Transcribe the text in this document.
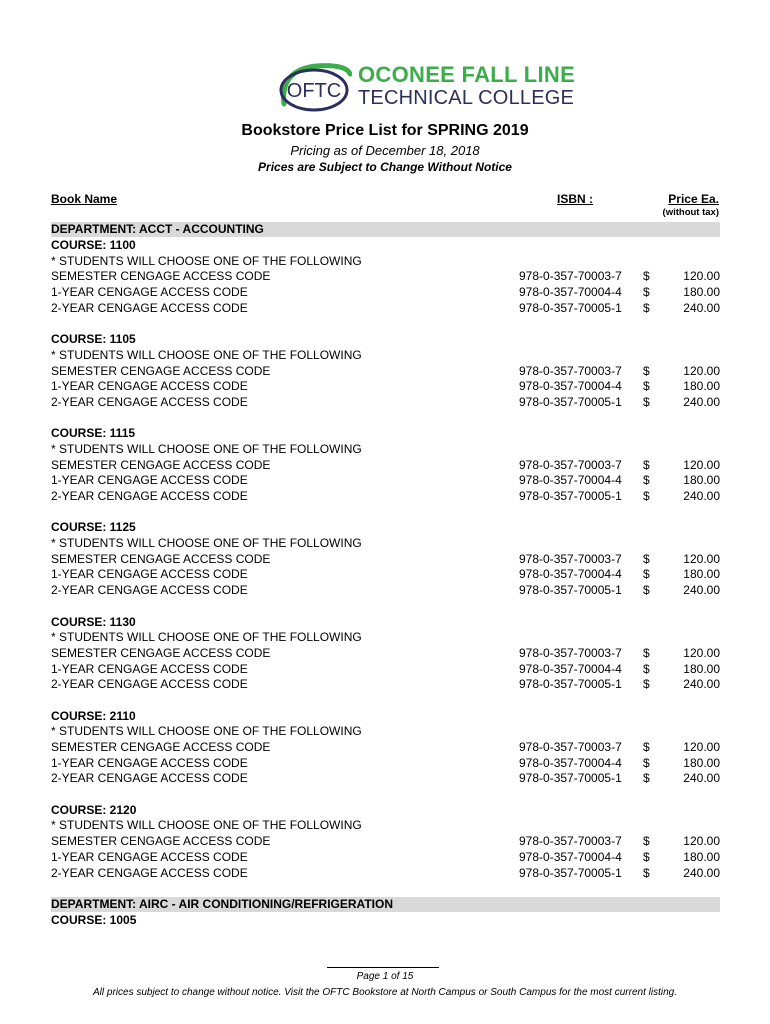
OFTC
OCONEE FALL LINE
TECHNICAL COLLEGE
Bookstore Price List for SPRING 2019
Pricing as of December 18, 2018
Prices are Subject to Change Without Notice
Book Name	ISBN :	Price Ea.
(without tax)
DEPARTMENT: ACCT - ACCOUNTING
COURSE: 1100
* STUDENTS WILL CHOOSE ONE OF THE FOLLOWING
SEMESTER CENGAGE ACCESS CODE	978-0-357-70003-7 $	120.00
1-YEAR CENGAGE ACCESS CODE	978-0-357-70004-4 $	180.00
2-YEAR CENGAGE ACCESS CODE	978-0-357-70005-1 $	240.00
COURSE: 1105
* STUDENTS WILL CHOOSE ONE OF THE FOLLOWING
SEMESTER CENGAGE ACCESS CODE	978-0-357-70003-7 $	120.00
1-YEAR CENGAGE ACCESS CODE	978-0-357-70004-4 $	180.00
2-YEAR CENGAGE ACCESS CODE	978-0-357-70005-1 $	240.00
COURSE: 1115
* STUDENTS WILL CHOOSE ONE OF THE FOLLOWING
SEMESTER CENGAGE ACCESS CODE	978-0-357-70003-7 $	120.00
1-YEAR CENGAGE ACCESS CODE	978-0-357-70004-4 $	180.00
2-YEAR CENGAGE ACCESS CODE	978-0-357-70005-1 $	240.00
COURSE: 1125
* STUDENTS WILL CHOOSE ONE OF THE FOLLOWING
SEMESTER CENGAGE ACCESS CODE	978-0-357-70003-7 $	120.00
1-YEAR CENGAGE ACCESS CODE	978-0-357-70004-4 $	180.00
2-YEAR CENGAGE ACCESS CODE	978-0-357-70005-1 $	240.00
COURSE: 1130
* STUDENTS WILL CHOOSE ONE OF THE FOLLOWING
SEMESTER CENGAGE ACCESS CODE	978-0-357-70003-7 $	120.00
1-YEAR CENGAGE ACCESS CODE	978-0-357-70004-4 $	180.00
2-YEAR CENGAGE ACCESS CODE	978-0-357-70005-1 $	240.00
COURSE: 2110
* STUDENTS WILL CHOOSE ONE OF THE FOLLOWING
SEMESTER CENGAGE ACCESS CODE	978-0-357-70003-7 $	120.00
1-YEAR CENGAGE ACCESS CODE	978-0-357-70004-4 $	180.00
2-YEAR CENGAGE ACCESS CODE	978-0-357-70005-1 $	240.00
COURSE: 2120
* STUDENTS WILL CHOOSE ONE OF THE FOLLOWING
SEMESTER CENGAGE ACCESS CODE	978-0-357-70003-7 $	120.00
1-YEAR CENGAGE ACCESS CODE	978-0-357-70004-4 $	180.00
2-YEAR CENGAGE ACCESS CODE	978-0-357-70005-1 $	240.00
DEPARTMENT: AIRC - AIR CONDITIONING/REFRIGERATION
COURSE: 1005
Page 1 of 15
All prices subject to change without notice. Visit the OFTC Bookstore at North Campus or South Campus for the most current listing.
